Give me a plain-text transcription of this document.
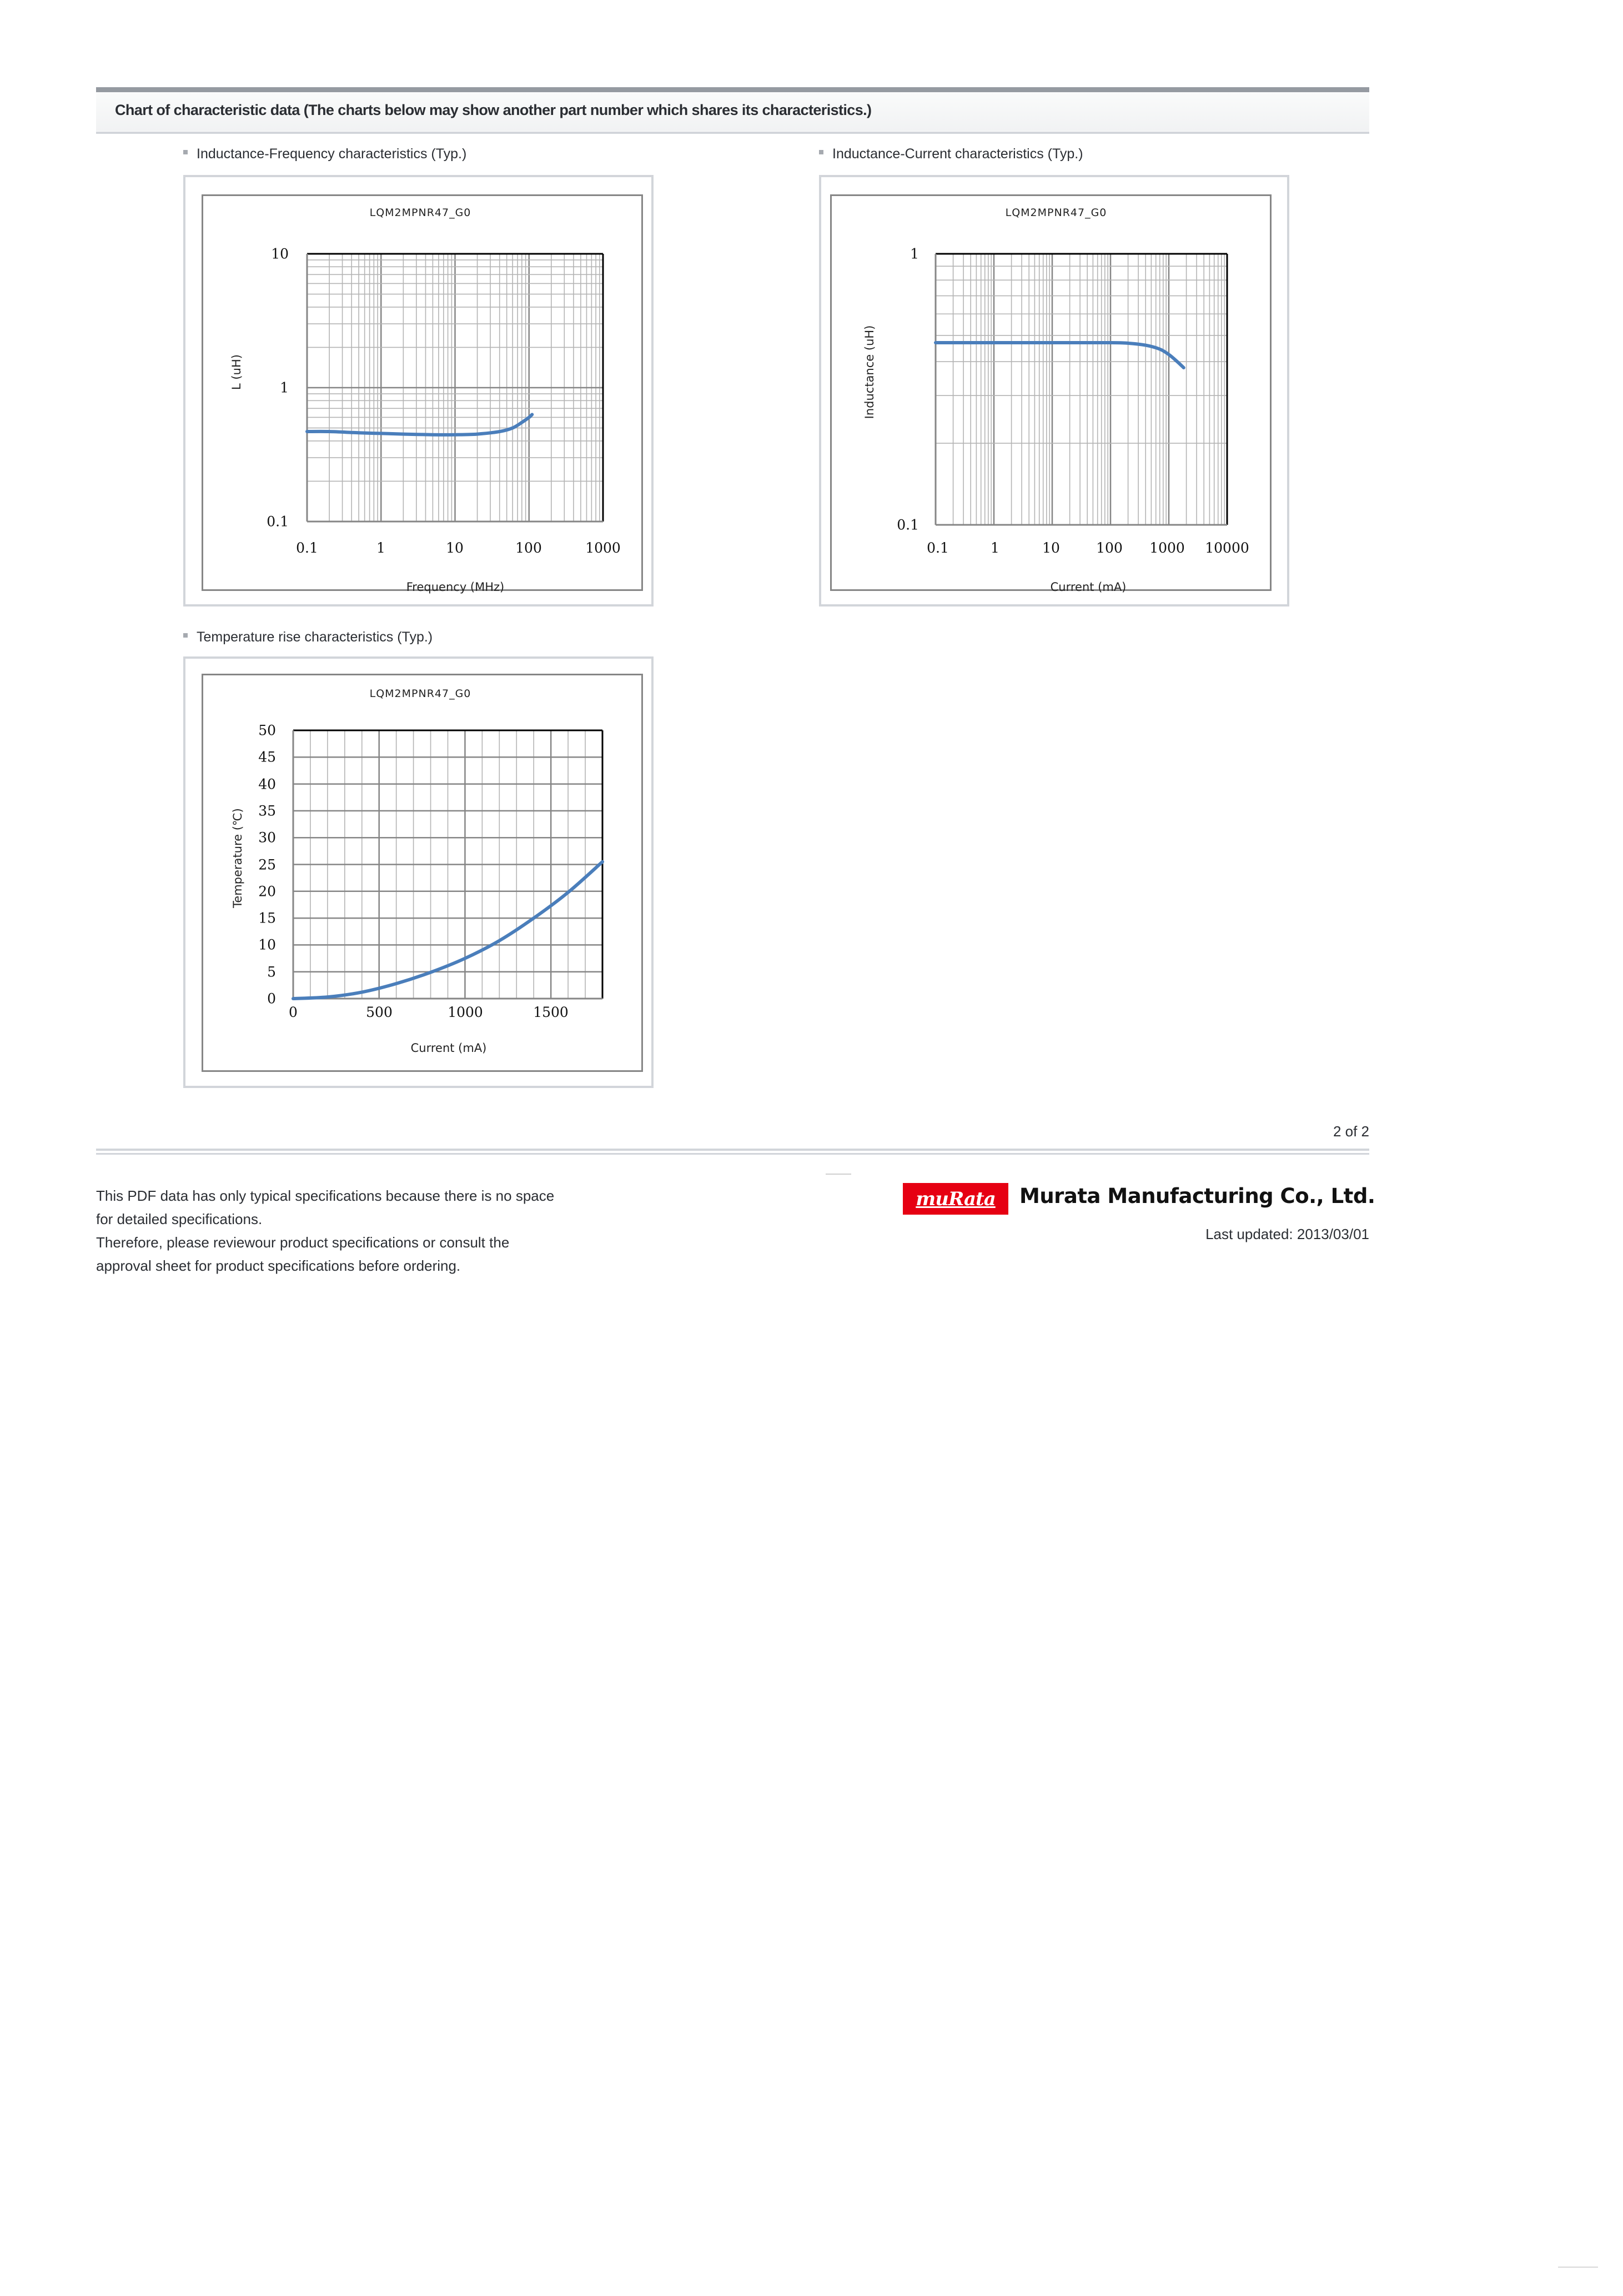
Chart of characteristic data (The charts below may show another part number which shares its characteristics.)
Inductance-Frequency characteristics (Typ.)
LQM2MPNR47_G0
10
1
0.1
0.1	1	10	100	1000
Frequency (MHz)
L (uH)
Inductance-Current characteristics (Typ.)
LQM2MPNR47_G0
1
0.1
0.1	1	10	100 1000 10000
Current (mA)
Inductance (uH)
Temperature rise characteristics (Typ.)
LQM2MPNR47_G0
50
45
40
35
30
25
20
15
10
5
0
0	500	1000	1500
Current (mA)
Temperature (℃)
2 of 2
This PDF data has only typical specifications because there is no space
for detailed specifications.
Therefore, please reviewour product specifications or consult the
approval sheet for product specifications before ordering.
muRata Murata Manufacturing Co., Ltd.
Last updated: 2013/03/01
